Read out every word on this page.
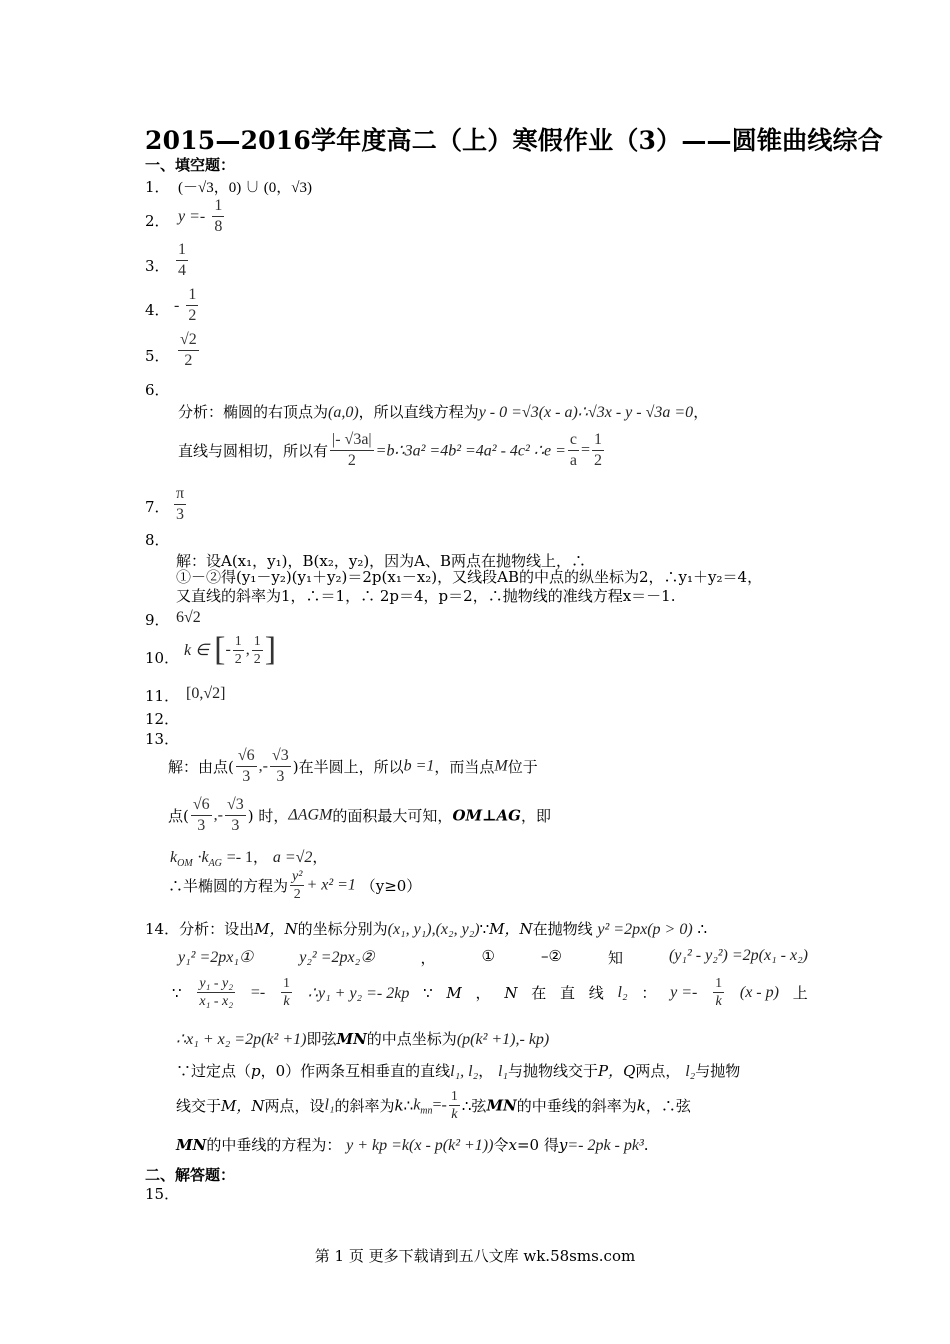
2015—2016学年度高二（上）寒假作业（3）——圆锥曲线综合
一、填空题：
1． (－√3，0) ∪ (0，√3)
2． $y =- \frac{1}{8}$
3． $\frac{1}{4}$
4． - $\frac{1}{2}$
5． $\frac{√2}{2}$
6．
分析：椭圆的右顶点为(a,0)，所以直线方程为y - 0 =√3(x - a)∴√3x - y - √3a =0，
直线与圆相切，所以有 $\frac{|- √3a|}{2}$ =b∴3a² =4b² =4a² - 4c² ∴e = $\frac{c}{a} = \frac{1}{2}$
7． $\frac{\pi}{3}$
8．
解：设A(x₁，y₁)，B(x₂，y₂)，因为A、B两点在抛物线上，∴
①－②得(y₁－y₂)(y₁＋y₂)＝2p(x₁－x₂)，又线段AB的中点的纵坐标为2，∴y₁＋y₂＝4，
又直线的斜率为1，∴＝1，∴ 2p＝4，p＝2，∴抛物线的准线方程x＝－1.
9． 6√2
10． k ∈ [- $\frac{1}{2}$ , $\frac{1}{2}$ ]
11． [0,√2]
12．
13．
解：由点( $\frac{√6}{3}$ ,- $\frac{√3}{3}$ )在半圆上，所以b =1，而当点M位于
点( $\frac{√6}{3}$ ,- $\frac{√3}{3}$ ) 时，ΔAGM的面积最大可知，OM⊥AG，即
$k_{OM} \cdot k_{AG} =- 1$， a =√2，
∴半椭圆的方程为 $\frac{\text{y²}}{2} + x^2 =1$ （y≥0）
14．分析：设出M，N的坐标分别为(x₁, y₁),(x₂, y₂)∵M，N在抛物线 y² =2px(p > 0) ∴
y₁² =2px₁①	y₂² =2px₂②	，	①	–②	知	(y₁² - y₂²) =2p(x₁ - x₂)
∵ $\frac{\text{y₁ - y₂}}{\text{x₁ - x₂}} =- \frac{1}{k}$ ∴y₁ + y₂ =- 2kp ∵ M ， N 在 直 线 l₂ ： $y =- \frac{1}{k} (x - p)$ 上
∴x₁ + x₂ =2p(k² +1)即弦MN的中点坐标为(p(k² +1),- kp)
∵过定点（p，0）作两条互相垂直的直线l₁, l₂， l₁与抛物线交于P，Q两点， l₂与抛物
线交于M，N两点，设l₁的斜率为$k\therefore k_{mn}=- \frac{1}{k}$ ∴弦MN的中垂线的斜率为k，∴弦
MN的中垂线的方程为： y + kp =k(x - p(k² +1))令x=0 得y=- 2pk - pk³.
二、解答题：
15．
第 1 页 更多下载请到五八文库 wk.58sms.com
